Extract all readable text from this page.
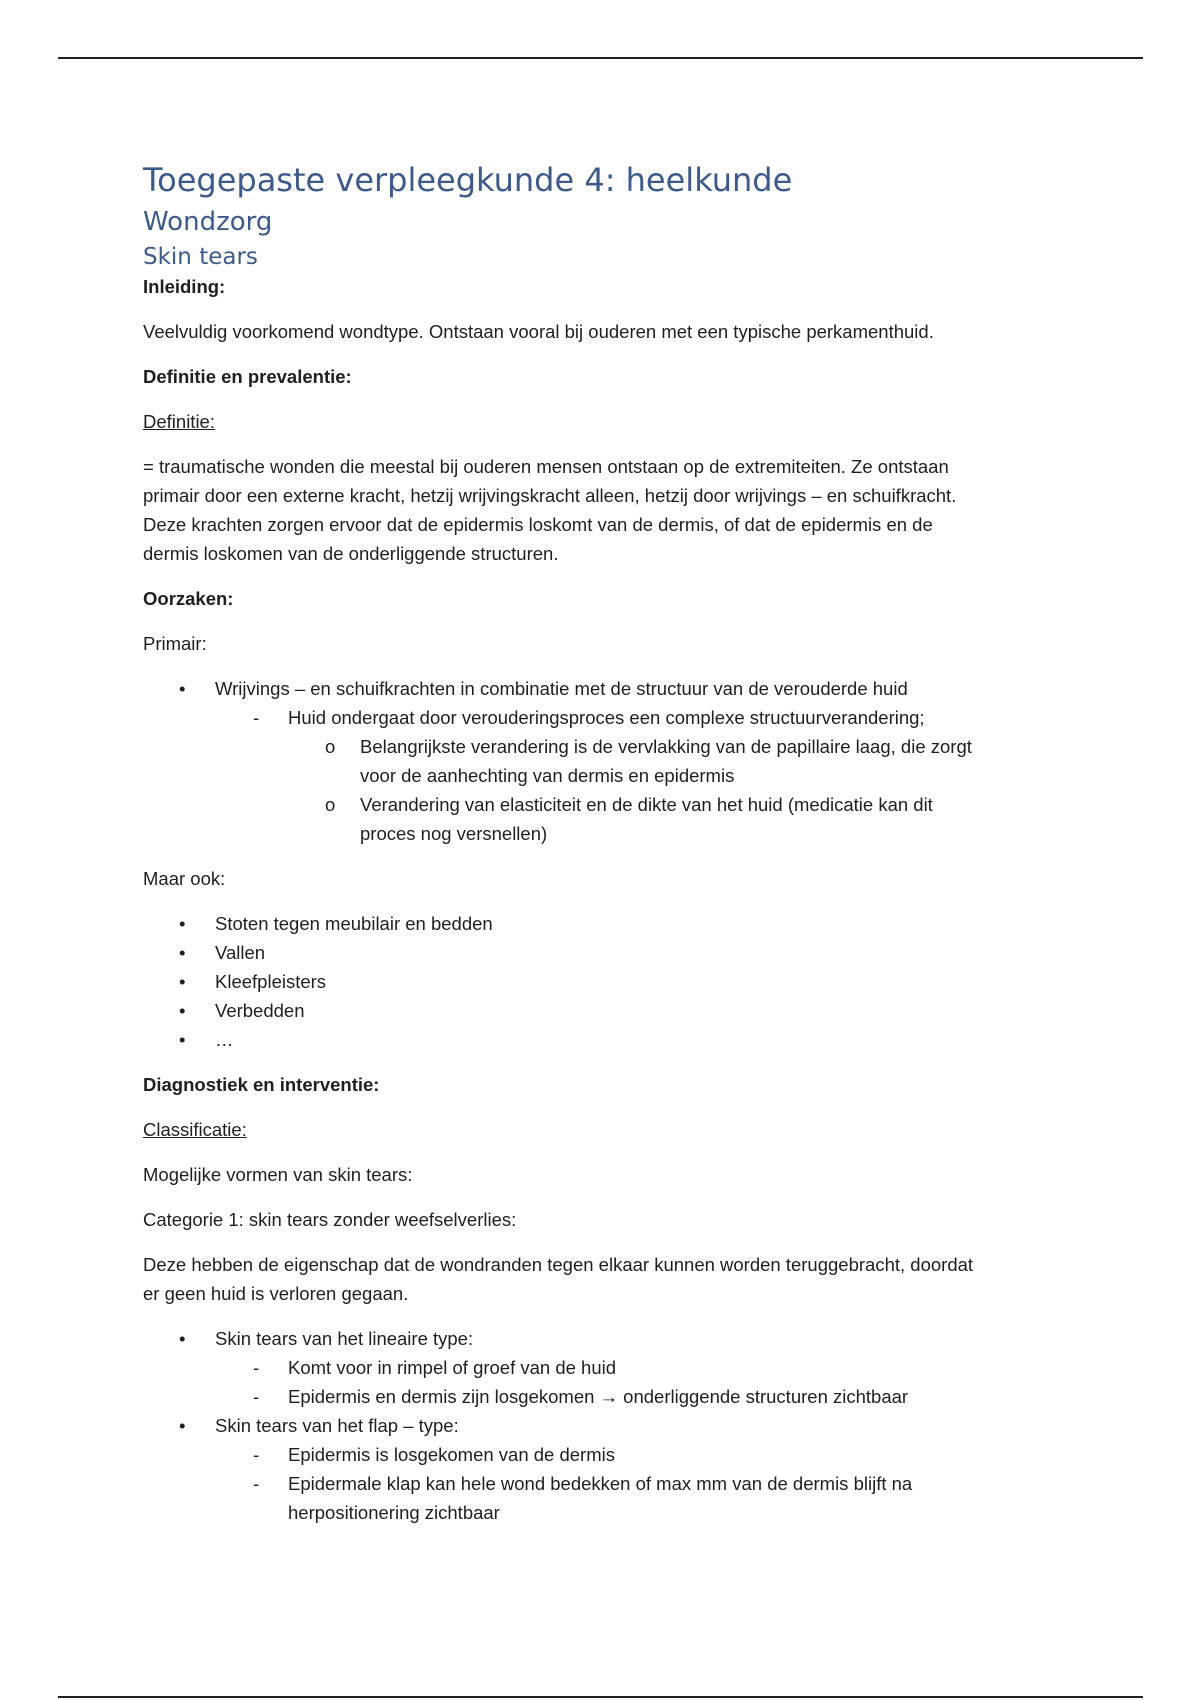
Toegepaste verpleegkunde 4: heelkunde
Wondzorg
Skin tears

Inleiding:

Veelvuldig voorkomend wondtype. Ontstaan vooral bij ouderen met een typische perkamenthuid.

Definitie en prevalentie:

Definitie:

= traumatische wonden die meestal bij ouderen mensen ontstaan op de extremiteiten. Ze ontstaan

primair door een externe kracht, hetzij wrijvingskracht alleen, hetzij door wrijvings – en schuifkracht.

Deze krachten zorgen ervoor dat de epidermis loskomt van de dermis, of dat de epidermis en de

dermis loskomen van de onderliggende structuren.

Oorzaken:

Primair:

• Wrijvings – en schuifkrachten in combinatie met de structuur van de verouderde huid
- Huid ondergaat door verouderingsproces een complexe structuurverandering;
o Belangrijkste verandering is de vervlakking van de papillaire laag, die zorgt
voor de aanhechting van dermis en epidermis
o Verandering van elasticiteit en de dikte van het huid (medicatie kan dit
proces nog versnellen)

Maar ook:

• Stoten tegen meubilair en bedden
• Vallen
• Kleefpleisters
• Verbedden
• …

Diagnostiek en interventie:

Classificatie:

Mogelijke vormen van skin tears:

Categorie 1: skin tears zonder weefselverlies:

Deze hebben de eigenschap dat de wondranden tegen elkaar kunnen worden teruggebracht, doordat

er geen huid is verloren gegaan.

• Skin tears van het lineaire type:
- Komt voor in rimpel of groef van de huid
- Epidermis en dermis zijn losgekomen → onderliggende structuren zichtbaar
• Skin tears van het flap – type:
- Epidermis is losgekomen van de dermis
- Epidermale klap kan hele wond bedekken of max mm van de dermis blijft na
herpositionering zichtbaar
